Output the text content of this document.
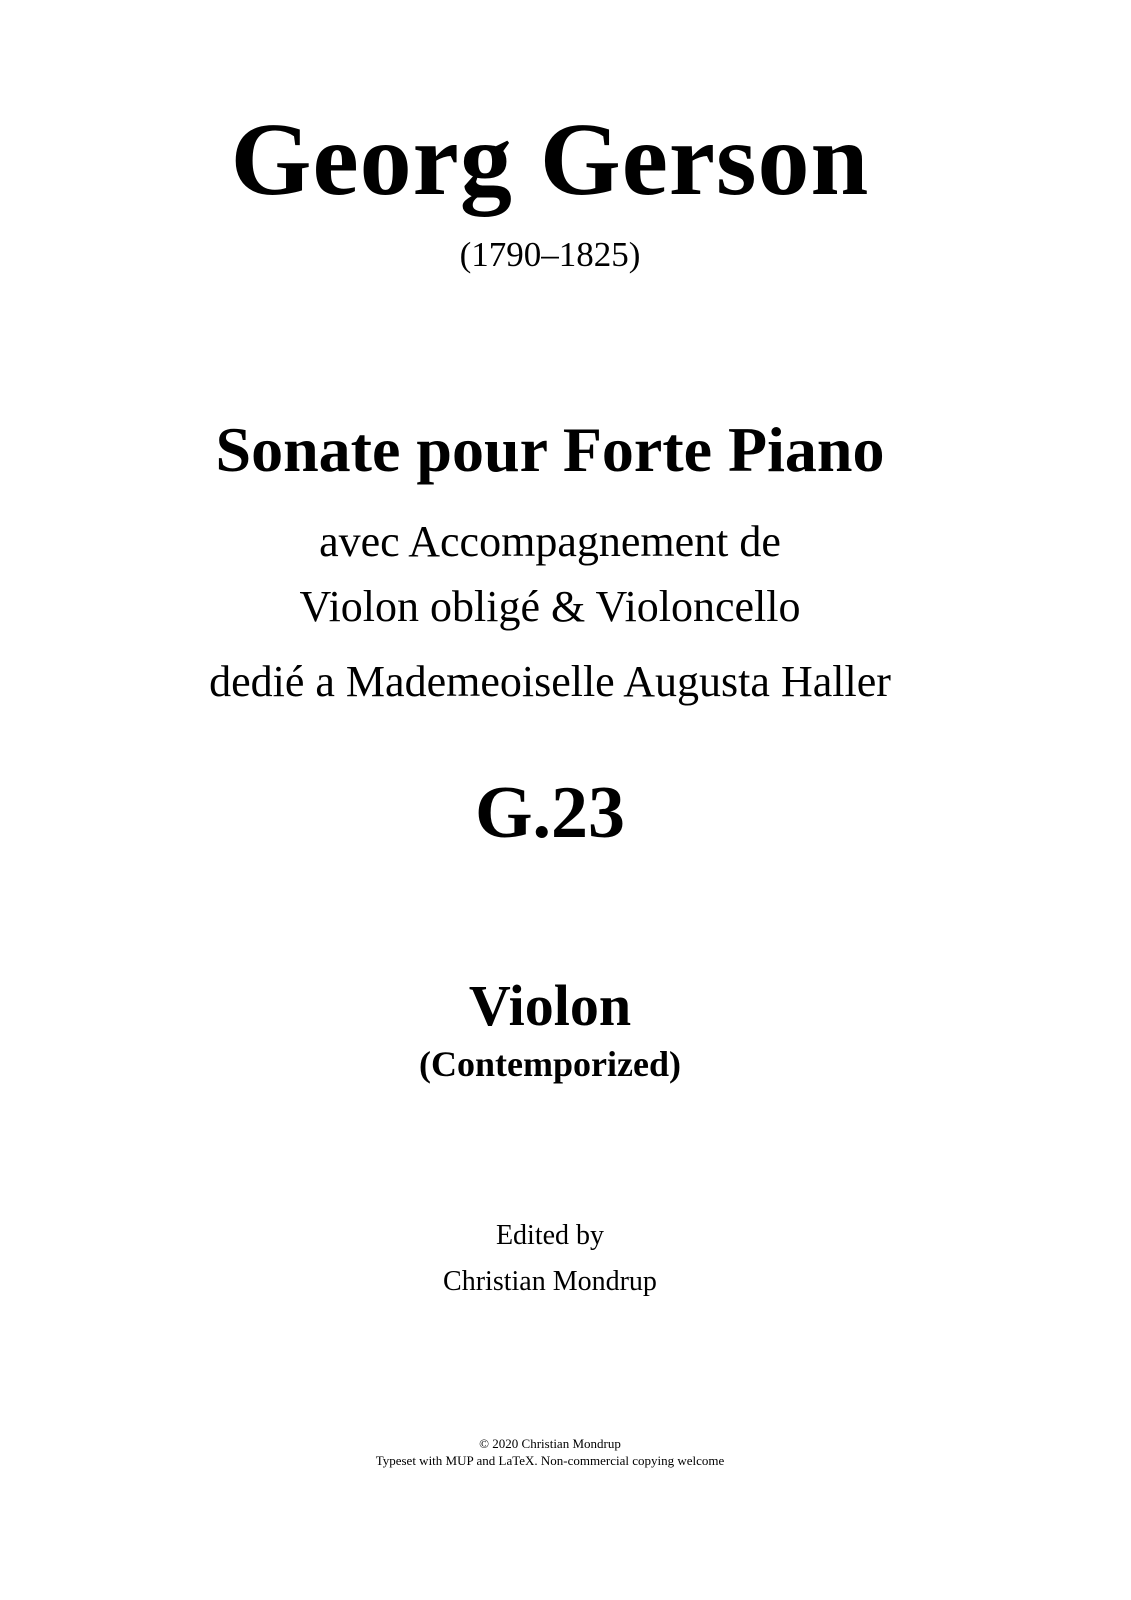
Georg Gerson
(1790–1825)
Sonate pour Forte Piano
avec Accompagnement de
Violon obligé & Violoncello
dedié a Mademeoiselle Augusta Haller
G.23
Violon
(Contemporized)
Edited by
Christian Mondrup
© 2020 Christian Mondrup
Typeset with MUP and LaTeX. Non-commercial copying welcome
